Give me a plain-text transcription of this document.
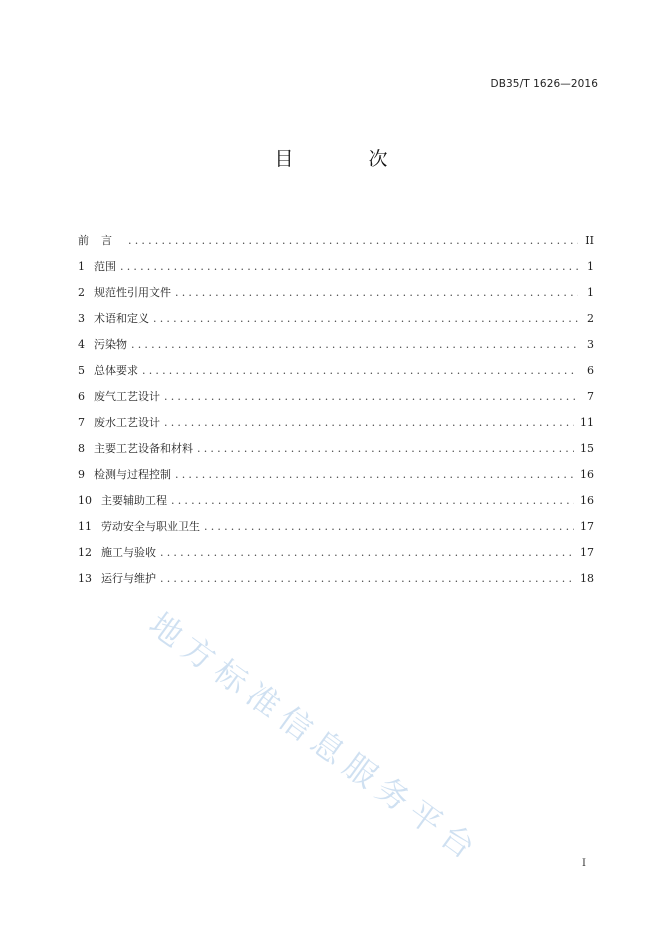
DB35/T 1626—2016
目　次
前言 .....	II
1 范围 .....	1
2 规范性引用文件 .....	1
3 术语和定义 .....	2
4 污染物 .....	3
5 总体要求 .....	6
6 废气工艺设计 .....	7
7 废水工艺设计 .....	11
8 主要工艺设备和材料 .....	15
9 检测与过程控制 .....	16
10 主要辅助工程 .....	16
11 劳动安全与职业卫生 .....	17
12 施工与验收 .....	17
13 运行与维护 .....	18
地方标准信息服务平台	I
